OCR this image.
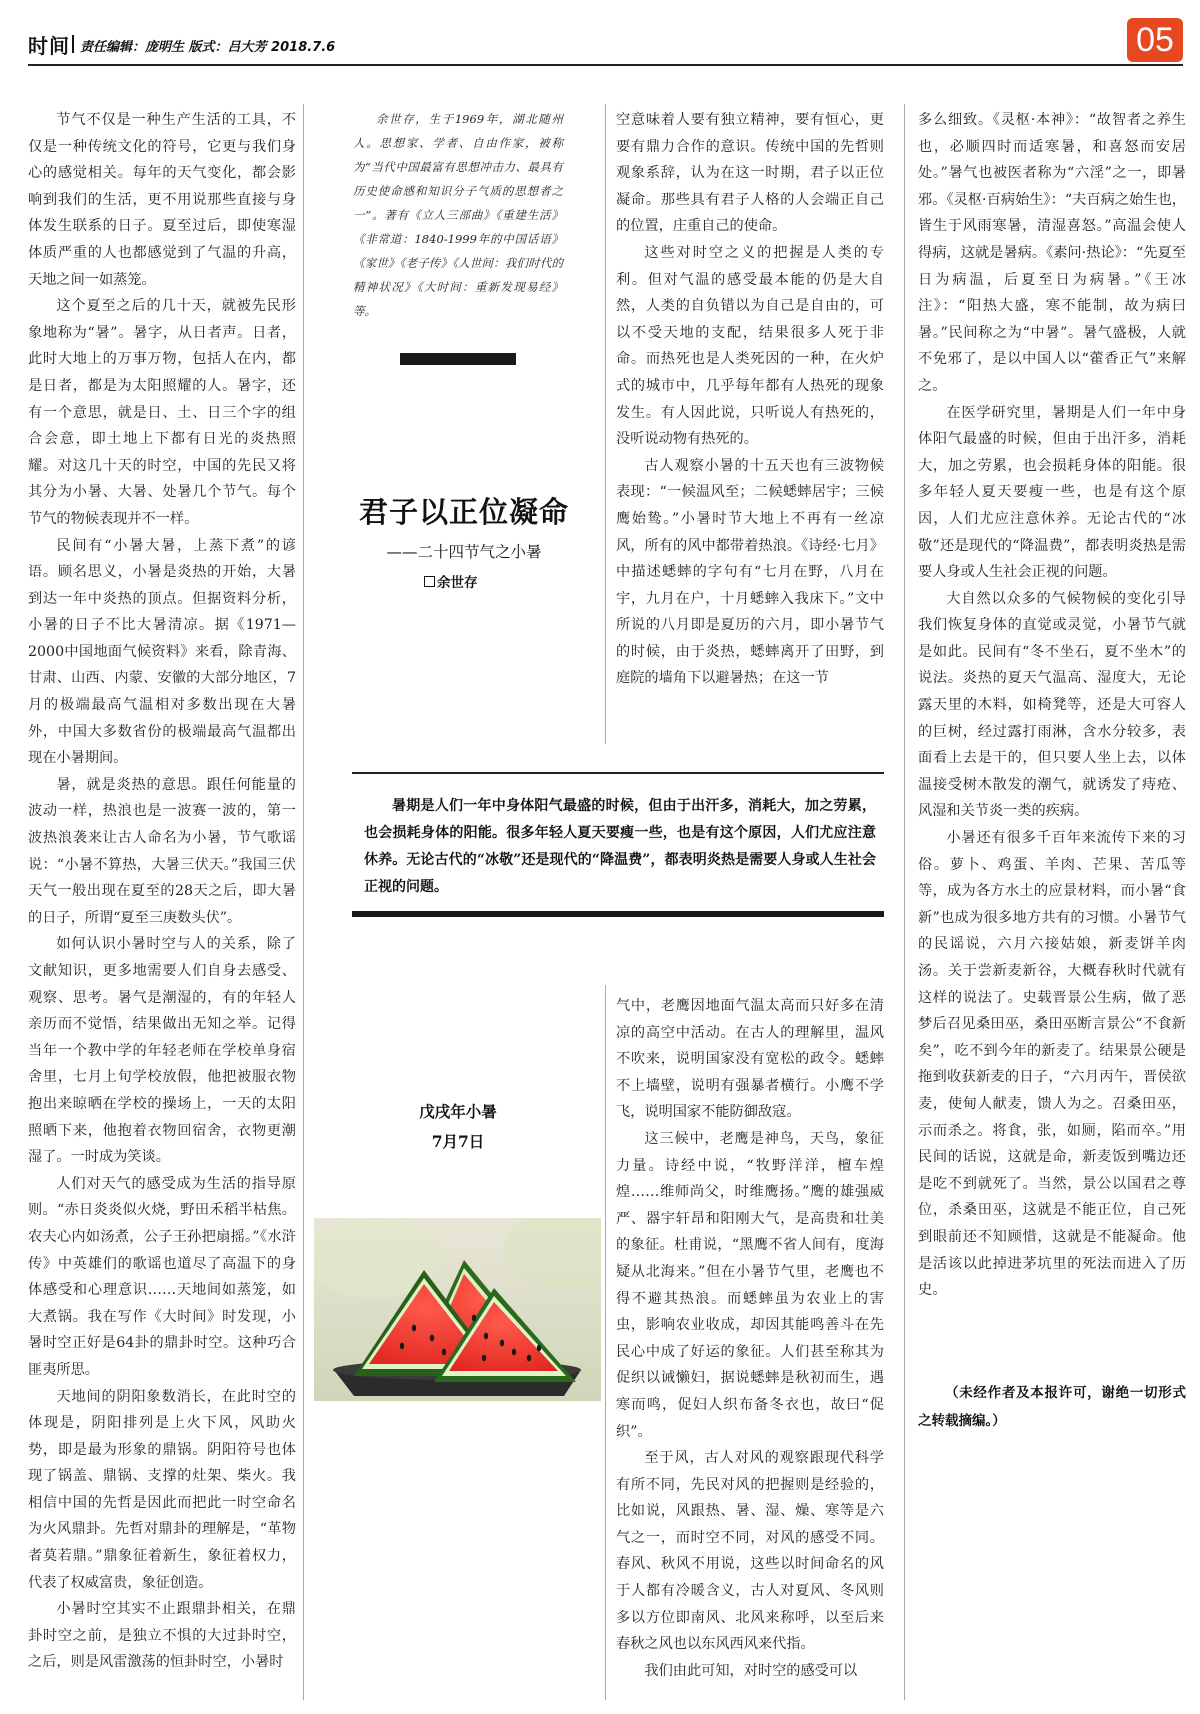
时间 责任编辑：庞明生 版式：吕大芳 2018.7.6	05

节气不仅是一种生产生活的工具，不仅是一种传统文化的符号，它更与我们身心的感觉相关。每年的天气变化，都会影响到我们的生活，更不用说那些直接与身体发生联系的日子。夏至过后，即使寒湿体质严重的人也都感觉到了气温的升高，天地之间一如蒸笼。

这个夏至之后的几十天，就被先民形象地称为“暑”。暑字，从日者声。日者，此时大地上的万事万物，包括人在内，都是日者，都是为太阳照耀的人。暑字，还有一个意思，就是日、土、日三个字的组合会意，即土地上下都有日光的炎热照耀。对这几十天的时空，中国的先民又将其分为小暑、大暑、处暑几个节气。每个节气的物候表现并不一样。

民间有“小暑大暑，上蒸下煮”的谚语。顾名思义，小暑是炎热的开始，大暑到达一年中炎热的顶点。但据资料分析，小暑的日子不比大暑清凉。据《1971—2000中国地面气候资料》来看，除青海、甘肃、山西、内蒙、安徽的大部分地区，7月的极端最高气温相对多数出现在大暑外，中国大多数省份的极端最高气温都出现在小暑期间。

暑，就是炎热的意思。跟任何能量的波动一样，热浪也是一波赛一波的，第一波热浪袭来让古人命名为小暑，节气歌谣说：“小暑不算热，大暑三伏天。”我国三伏天气一般出现在夏至的28天之后，即大暑的日子，所谓“夏至三庚数头伏”。

如何认识小暑时空与人的关系，除了文献知识，更多地需要人们自身去感受、观察、思考。暑气是潮湿的，有的年轻人亲历而不觉悟，结果做出无知之举。记得当年一个教中学的年轻老师在学校单身宿舍里，七月上旬学校放假，他把被服衣物抱出来晾晒在学校的操场上，一天的太阳照晒下来，他抱着衣物回宿舍，衣物更潮湿了。一时成为笑谈。

人们对天气的感受成为生活的指导原则。“赤日炎炎似火烧，野田禾稻半枯焦。农夫心内如汤煮，公子王孙把扇摇。”《水浒传》中英雄们的歌谣也道尽了高温下的身体感受和心理意识……天地间如蒸笼，如大煮锅。我在写作《大时间》时发现，小暑时空正好是64卦的鼎卦时空。这种巧合匪夷所思。

天地间的阴阳象数消长，在此时空的体现是，阴阳排列是上火下风，风助火势，即是最为形象的鼎锅。阴阳符号也体现了锅盖、鼎锅、支撑的灶架、柴火。我相信中国的先哲是因此而把此一时空命名为火风鼎卦。先哲对鼎卦的理解是，“革物者莫若鼎。”鼎象征着新生，象征着权力，代表了权威富贵，象征创造。

小暑时空其实不止跟鼎卦相关，在鼎卦时空之前，是独立不惧的大过卦时空，之后，则是风雷激荡的恒卦时空，小暑时

余世存，生于1969年，湖北随州人。思想家、学者、自由作家，被称为“当代中国最富有思想冲击力、最具有历史使命感和知识分子气质的思想者之一”。著有《立人三部曲》《重建生活》《非常道：1840-1999年的中国话语》《家世》《老子传》《人世间：我们时代的精神状况》《大时间：重新发现易经》等。

君子以正位凝命
——二十四节气之小暑
余世存

空意味着人要有独立精神，要有恒心，更要有鼎力合作的意识。传统中国的先哲则观象系辞，认为在这一时期，君子以正位凝命。那些具有君子人格的人会端正自己的位置，庄重自己的使命。

这些对时空之义的把握是人类的专利。但对气温的感受最本能的仍是大自然，人类的自负错以为自己是自由的，可以不受天地的支配，结果很多人死于非命。而热死也是人类死因的一种，在火炉式的城市中，几乎每年都有人热死的现象发生。有人因此说，只听说人有热死的，没听说动物有热死的。

古人观察小暑的十五天也有三波物候表现：“一候温风至；二候蟋蟀居宇；三候鹰始鸷。”小暑时节大地上不再有一丝凉风，所有的风中都带着热浪。《诗经·七月》中描述蟋蟀的字句有“七月在野，八月在宇，九月在户，十月蟋蟀入我床下。”文中所说的八月即是夏历的六月，即小暑节气的时候，由于炎热，蟋蟀离开了田野，到庭院的墙角下以避暑热；在这一节

暑期是人们一年中身体阳气最盛的时候，但由于出汗多，消耗大，加之劳累，也会损耗身体的阳能。很多年轻人夏天要瘦一些，也是有这个原因，人们尤应注意休养。无论古代的“冰敬”还是现代的“降温费”，都表明炎热是需要人身或人生社会正视的问题。

气中，老鹰因地面气温太高而只好多在清凉的高空中活动。在古人的理解里，温风不吹来，说明国家没有宽松的政令。蟋蟀不上墙壁，说明有强暴者横行。小鹰不学飞，说明国家不能防御敌寇。

这三候中，老鹰是神鸟，天鸟，象征力量。诗经中说，“牧野洋洋，檀车煌煌……维师尚父，时维鹰扬。”鹰的雄强威严、器宇轩昂和阳刚大气，是高贵和壮美的象征。杜甫说，“黑鹰不省人间有，度海疑从北海来。”但在小暑节气里，老鹰也不得不避其热浪。而蟋蟀虽为农业上的害虫，影响农业收成，却因其能鸣善斗在先民心中成了好运的象征。人们甚至称其为促织以诫懒妇，据说蟋蟀是秋初而生，遇寒而鸣，促妇人织布备冬衣也，故曰“促织”。

至于风，古人对风的观察跟现代科学有所不同，先民对风的把握则是经验的，比如说，风跟热、暑、湿、燥、寒等是六气之一，而时空不同，对风的感受不同。春风、秋风不用说，这些以时间命名的风于人都有冷暖含义，古人对夏风、冬风则多以方位即南风、北风来称呼，以至后来春秋之风也以东风西风来代指。

我们由此可知，对时空的感受可以

戊戌年小暑
7月7日

多么细致。《灵枢·本神》：“故智者之养生也，必顺四时而适寒暑，和喜怒而安居处。”暑气也被医者称为“六淫”之一，即暑邪。《灵枢·百病始生》：“夫百病之始生也，皆生于风雨寒暑，清湿喜怒。”高温会使人得病，这就是暑病。《素问·热论》：“先夏至日为病温，后夏至日为病暑。”《王冰注》：“阳热大盛，寒不能制，故为病曰暑。”民间称之为“中暑”。暑气盛极，人就不免邪了，是以中国人以“藿香正气”来解之。

在医学研究里，暑期是人们一年中身体阳气最盛的时候，但由于出汗多，消耗大，加之劳累，也会损耗身体的阳能。很多年轻人夏天要瘦一些，也是有这个原因，人们尤应注意休养。无论古代的“冰敬”还是现代的“降温费”，都表明炎热是需要人身或人生社会正视的问题。

大自然以众多的气候物候的变化引导我们恢复身体的直觉或灵觉，小暑节气就是如此。民间有“冬不坐石，夏不坐木”的说法。炎热的夏天气温高、湿度大，无论露天里的木料，如椅凳等，还是大可容人的巨树，经过露打雨淋，含水分较多，表面看上去是干的，但只要人坐上去，以体温接受树木散发的潮气，就诱发了痔疮、风湿和关节炎一类的疾病。

小暑还有很多千百年来流传下来的习俗。萝卜、鸡蛋、羊肉、芒果、苦瓜等等，成为各方水土的应景材料，而小暑“食新”也成为很多地方共有的习惯。小暑节气的民谣说，六月六接姑娘，新麦饼羊肉汤。关于尝新麦新谷，大概春秋时代就有这样的说法了。史载晋景公生病，做了恶梦后召见桑田巫，桑田巫断言景公“不食新矣”，吃不到今年的新麦了。结果景公硬是拖到收获新麦的日子，“六月丙午，晋侯欲麦，使甸人献麦，馈人为之。召桑田巫，示而杀之。将食，张，如厕，陷而卒。”用民间的话说，这就是命，新麦饭到嘴边还是吃不到就死了。当然，景公以国君之尊位，杀桑田巫，这就是不能正位，自己死到眼前还不知顾惜，这就是不能凝命。他是活该以此掉进茅坑里的死法而进入了历史。

（未经作者及本报许可，谢绝一切形式之转载摘编。）
